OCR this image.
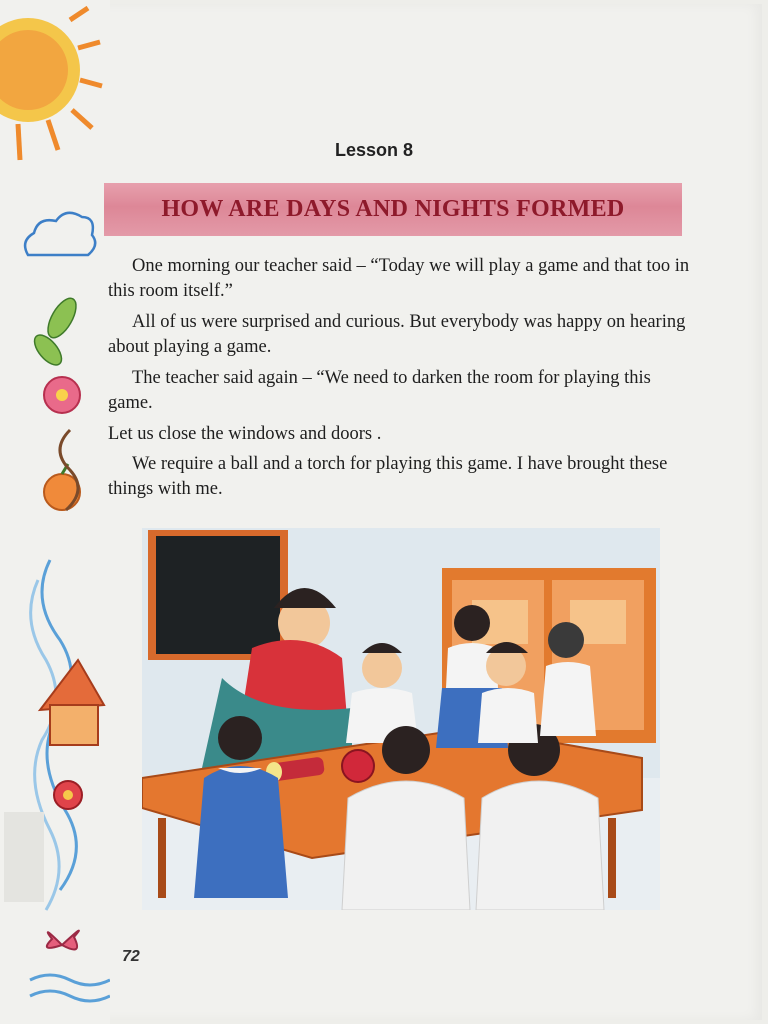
Lesson 8
HOW ARE DAYS AND NIGHTS FORMED

One morning our teacher said – “Today we will play a game and that too in this room itself.”

All of us were surprised and curious. But everybody was happy on hearing about playing a game.

The teacher said again – “We need to darken the room for playing this game.

Let us close the windows and doors .

We require a ball and a torch for playing this game. I have brought these things with me.

72
